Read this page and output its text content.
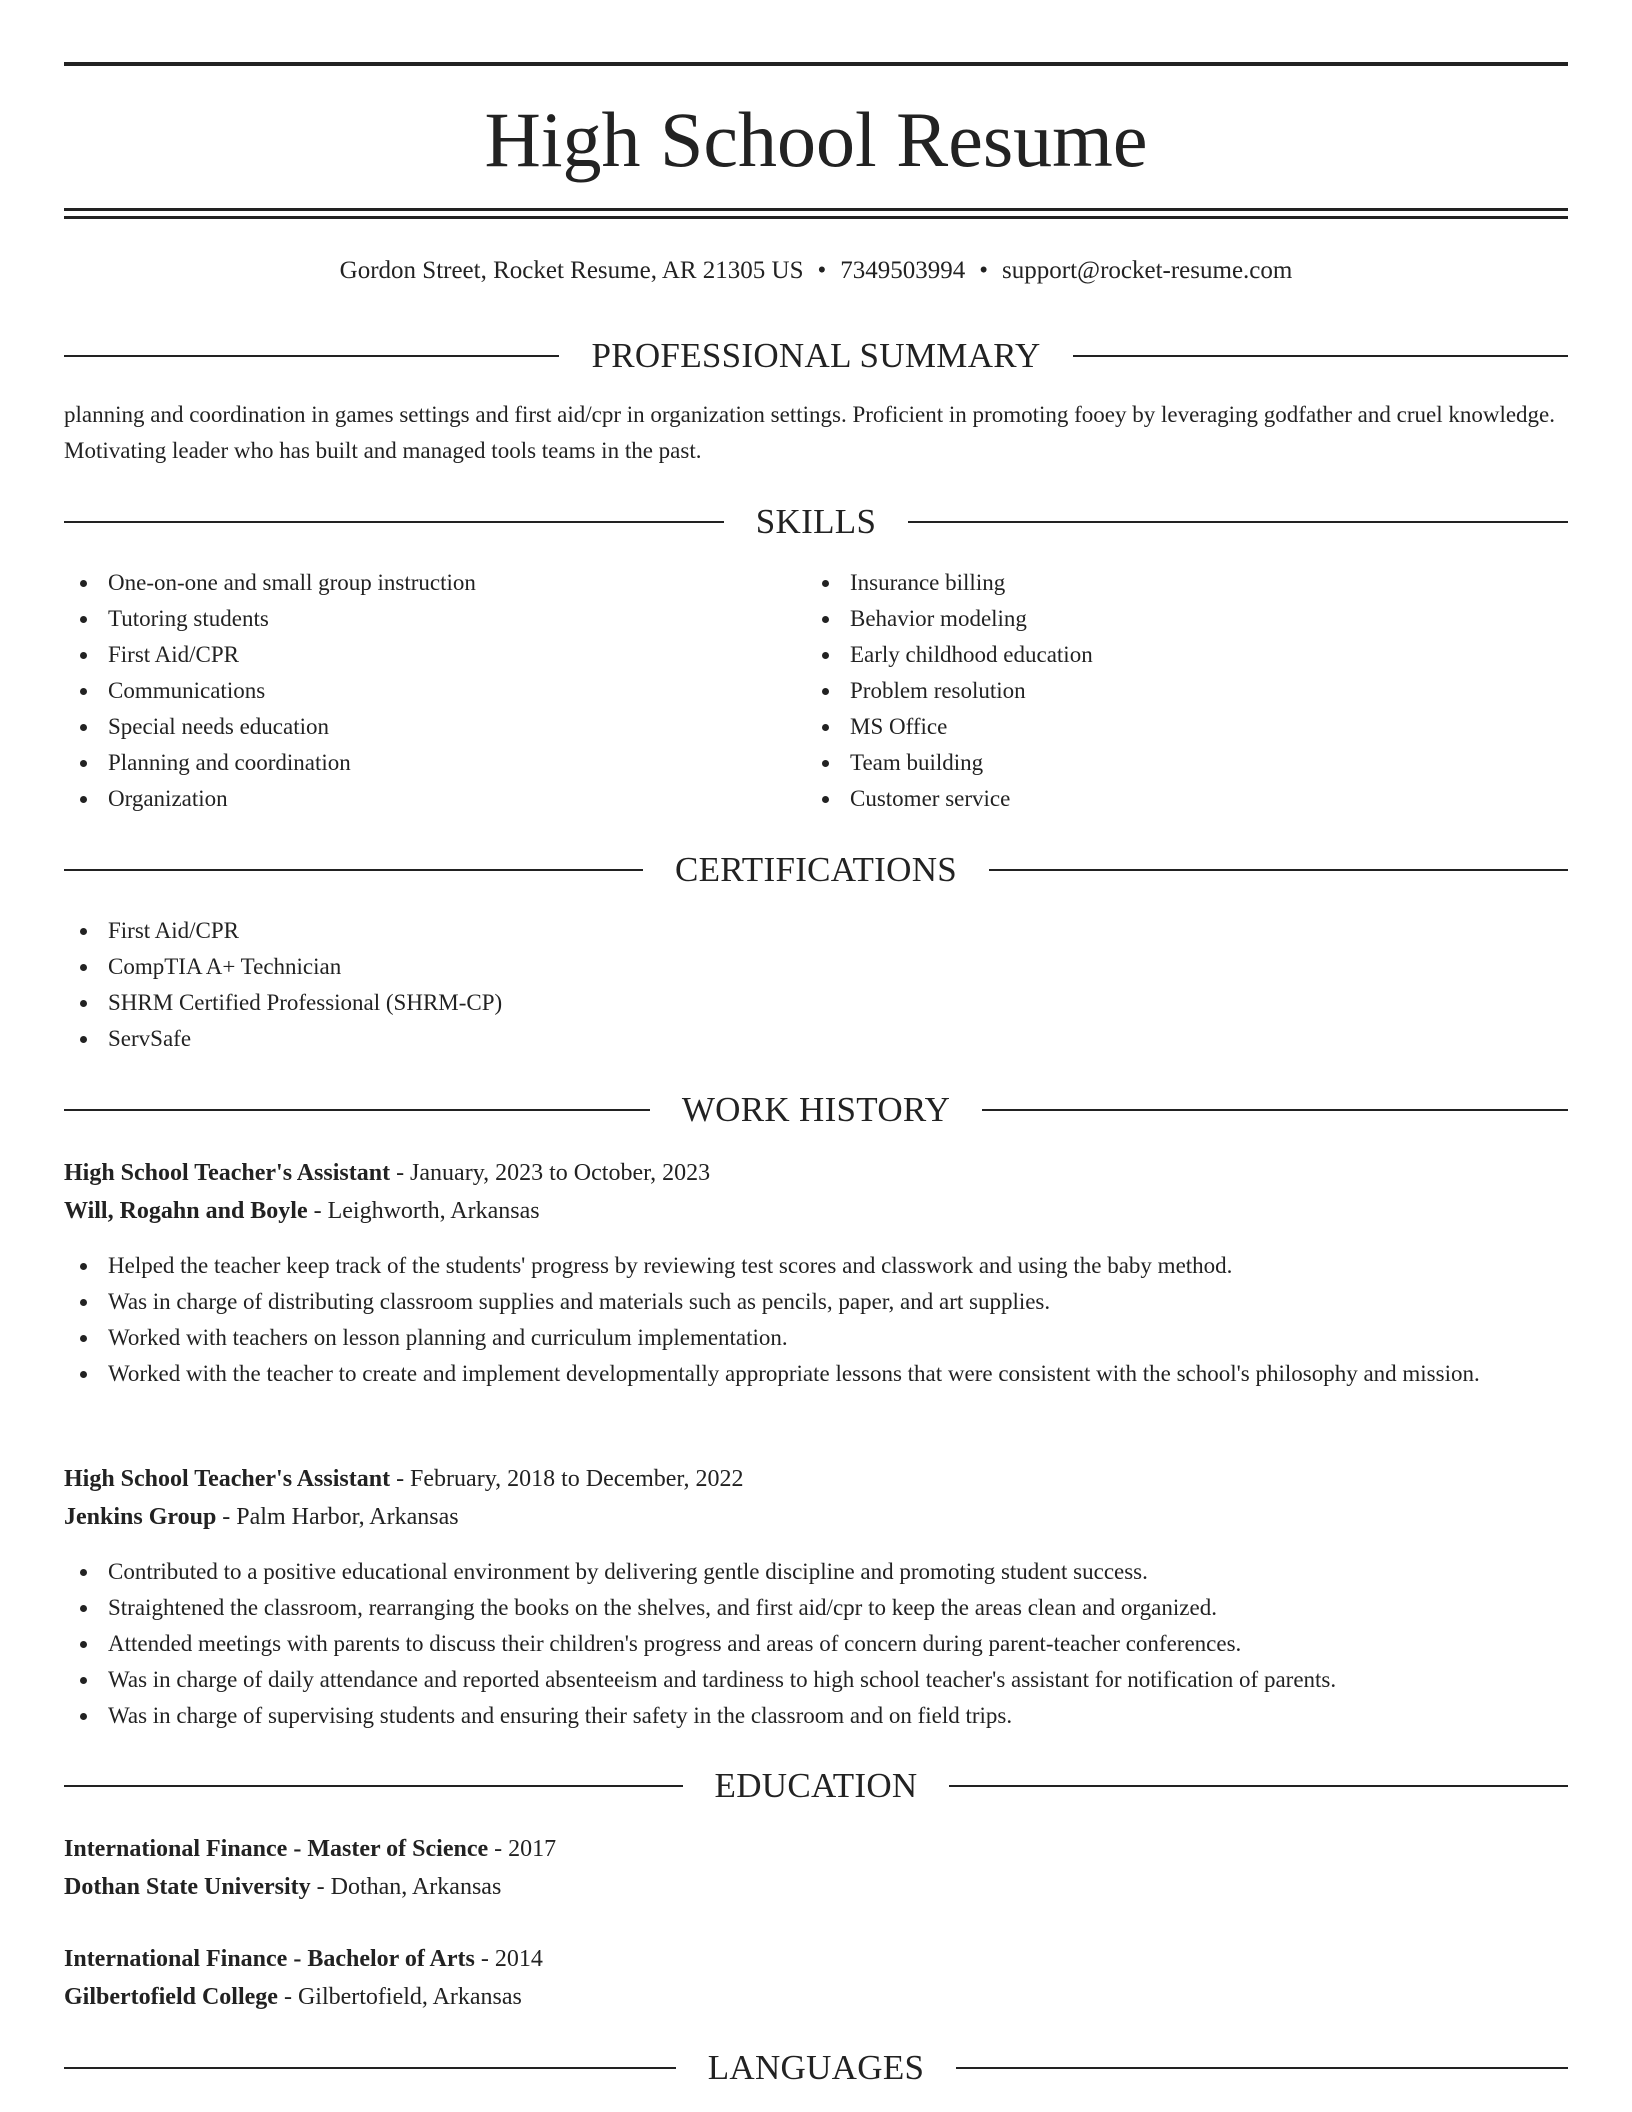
High School Resume
Gordon Street, Rocket Resume, AR 21305 US • 7349503994 • support@rocket-resume.com
PROFESSIONAL SUMMARY
planning and coordination in games settings and first aid/cpr in organization settings. Proficient in promoting fooey by leveraging godfather and cruel knowledge. Motivating leader who has built and managed tools teams in the past.
SKILLS
One-on-one and small group instruction
Tutoring students
First Aid/CPR
Communications
Special needs education
Planning and coordination
Organization
Insurance billing
Behavior modeling
Early childhood education
Problem resolution
MS Office
Team building
Customer service
CERTIFICATIONS
First Aid/CPR
CompTIA A+ Technician
SHRM Certified Professional (SHRM-CP)
ServSafe
WORK HISTORY
High School Teacher's Assistant - January, 2023 to October, 2023
Will, Rogahn and Boyle - Leighworth, Arkansas
Helped the teacher keep track of the students' progress by reviewing test scores and classwork and using the baby method.
Was in charge of distributing classroom supplies and materials such as pencils, paper, and art supplies.
Worked with teachers on lesson planning and curriculum implementation.
Worked with the teacher to create and implement developmentally appropriate lessons that were consistent with the school's philosophy and mission.
High School Teacher's Assistant - February, 2018 to December, 2022
Jenkins Group - Palm Harbor, Arkansas
Contributed to a positive educational environment by delivering gentle discipline and promoting student success.
Straightened the classroom, rearranging the books on the shelves, and first aid/cpr to keep the areas clean and organized.
Attended meetings with parents to discuss their children's progress and areas of concern during parent-teacher conferences.
Was in charge of daily attendance and reported absenteeism and tardiness to high school teacher's assistant for notification of parents.
Was in charge of supervising students and ensuring their safety in the classroom and on field trips.
EDUCATION
International Finance - Master of Science - 2017
Dothan State University - Dothan, Arkansas
International Finance - Bachelor of Arts - 2014
Gilbertofield College - Gilbertofield, Arkansas
LANGUAGES
